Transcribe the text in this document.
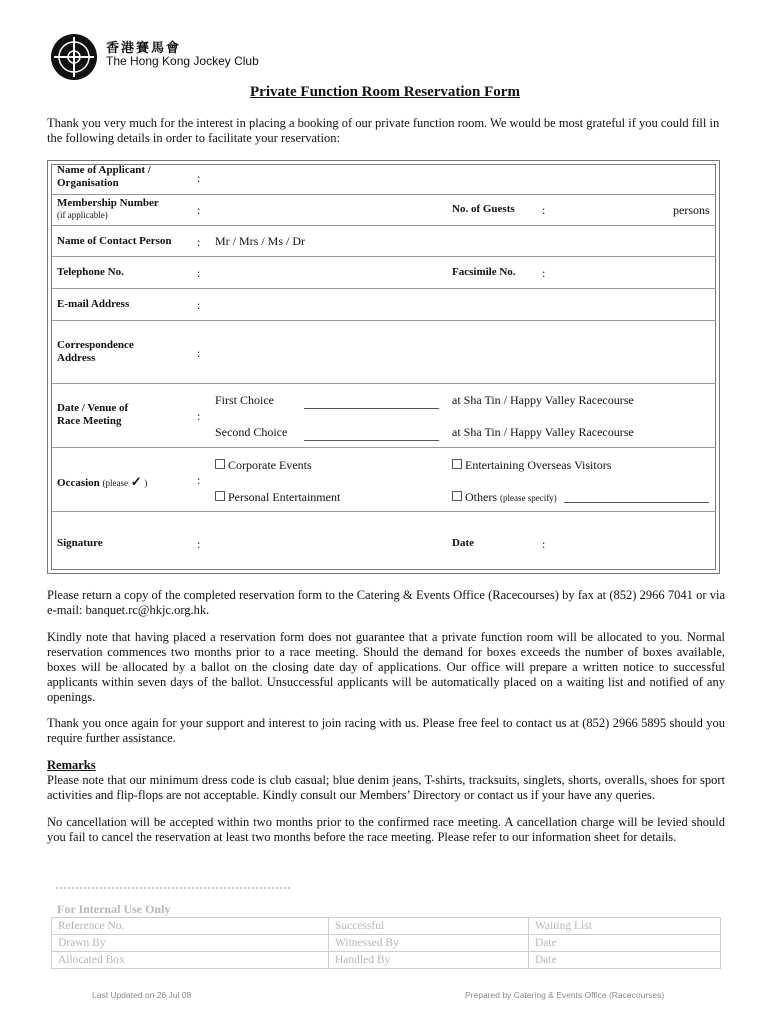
香港賽馬會
The Hong Kong Jockey Club
Private Function Room Reservation Form
Thank you very much for the interest in placing a booking of our private function room. We would be most grateful if you could fill in the following details in order to facilitate your reservation:
Name of Applicant /
Organisation	:
Membership Number
(if applicable)	:	No. of Guests :	persons
Name of Contact Person : Mr / Mrs / Ms / Dr
Telephone No.	:	Facsimile No. :
E-mail Address	:
Correspondence
Address	:
Date / Venue of
Race Meeting	:
First Choice	at Sha Tin / Happy Valley Racecourse
Second Choice	at Sha Tin / Happy Valley Racecourse
Occasion (please ✓ )	:
Corporate Events	Entertaining Overseas Visitors
Personal Entertainment	Others (please specify)
Signature	:	Date	:
Please return a copy of the completed reservation form to the Catering & Events Office (Racecourses) by fax at (852) 2966 7041 or via e-mail: banquet.rc@hkjc.org.hk.
Kindly note that having placed a reservation form does not guarantee that a private function room will be allocated to you. Normal reservation commences two months prior to a race meeting. Should the demand for boxes exceeds the number of boxes available, boxes will be allocated by a ballot on the closing date day of applications. Our office will prepare a written notice to successful applicants within seven days of the ballot. Unsuccessful applicants will be automatically placed on a waiting list and notified of any openings.
Thank you once again for your support and interest to join racing with us. Please free feel to contact us at (852) 2966 5895 should you require further assistance.
Remarks
Please note that our minimum dress code is club casual; blue denim jeans, T-shirts, tracksuits, singlets, shorts, overalls, shoes for sport activities and flip-flops are not acceptable. Kindly consult our Members’ Directory or contact us if your have any queries.
No cancellation will be accepted within two months prior to the confirmed race meeting. A cancellation charge will be levied should you fail to cancel the reservation at least two months before the race meeting. Please refer to our information sheet for details.
For Internal Use Only
Reference No.	Successful	Waiting List
Drawn By	Witnessed By	Date
Allocated Box	Handled By	Date
Last Updated on 26 Jul 08	Prepared by Catering & Events Office (Racecourses)
